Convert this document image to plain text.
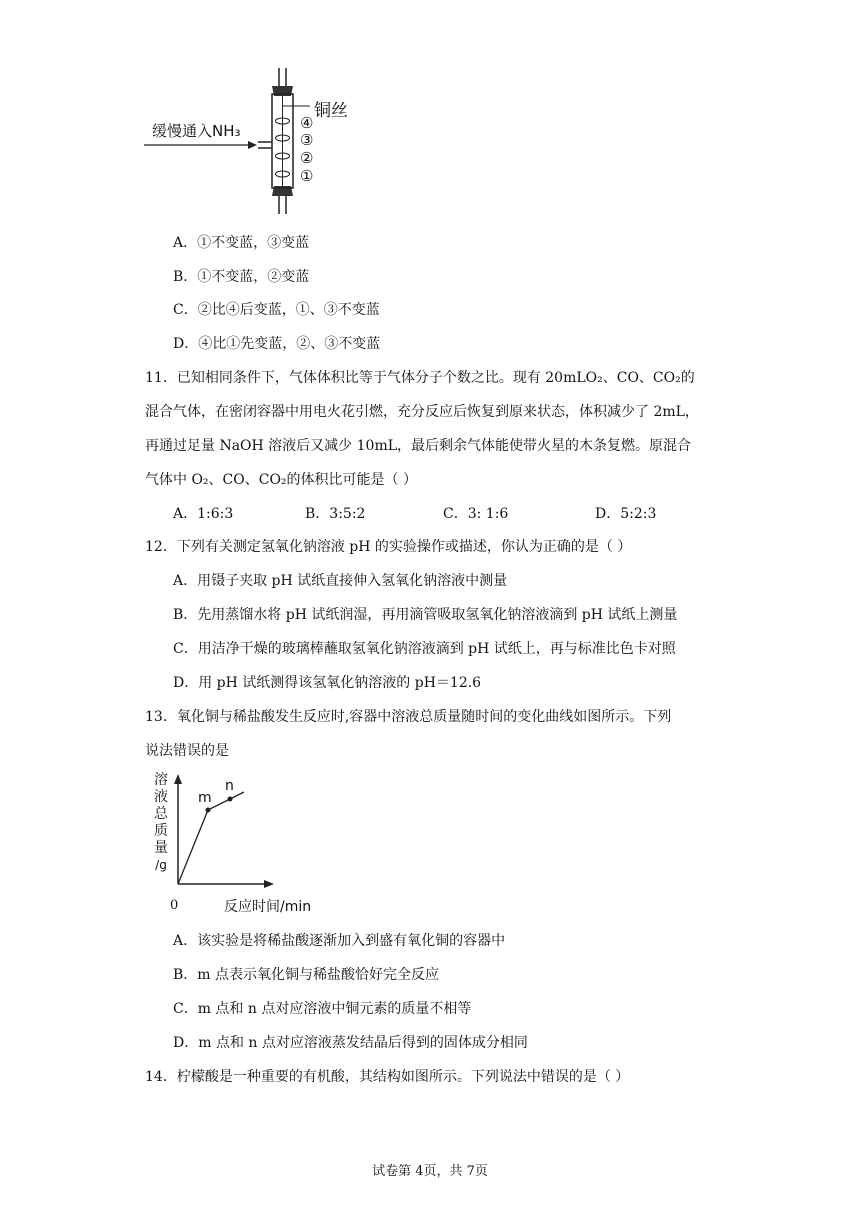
缓慢通入NH₃
铜丝
④
③
②
①
A．①不变蓝，③变蓝
B．①不变蓝，②变蓝
C．②比④后变蓝，①、③不变蓝
D．④比①先变蓝，②、③不变蓝
11．已知相同条件下，气体体积比等于气体分子个数之比。现有 20mLO₂、CO、CO₂的
混合气体，在密闭容器中用电火花引燃，充分反应后恢复到原来状态，体积减少了 2mL，
再通过足量 NaOH 溶液后又减少 10mL，最后剩余气体能使带火星的木条复燃。原混合
气体中 O₂、CO、CO₂的体积比可能是（ ）
A．1:6:3	B．3:5:2	C．3: 1:6	D．5:2:3
12．下列有关测定氢氧化钠溶液 pH 的实验操作或描述，你认为正确的是（ ）
A．用镊子夹取 pH 试纸直接伸入氢氧化钠溶液中测量
B．先用蒸馏水将 pH 试纸润湿，再用滴管吸取氢氧化钠溶液滴到 pH 试纸上测量
C．用洁净干燥的玻璃棒蘸取氢氧化钠溶液滴到 pH 试纸上，再与标准比色卡对照
D．用 pH 试纸测得该氢氧化钠溶液的 pH＝12.6
13．氧化铜与稀盐酸发生反应时,容器中溶液总质量随时间的变化曲线如图所示。下列
说法错误的是
m
n
溶
液
总
质
量
/g
0	反应时间/min
A．该实验是将稀盐酸逐渐加入到盛有氧化铜的容器中
B．m 点表示氧化铜与稀盐酸恰好完全反应
C．m 点和 n 点对应溶液中铜元素的质量不相等
D．m 点和 n 点对应溶液蒸发结晶后得到的固体成分相同
14．柠檬酸是一种重要的有机酸，其结构如图所示。下列说法中错误的是（ ）
试卷第 4页，共 7页
